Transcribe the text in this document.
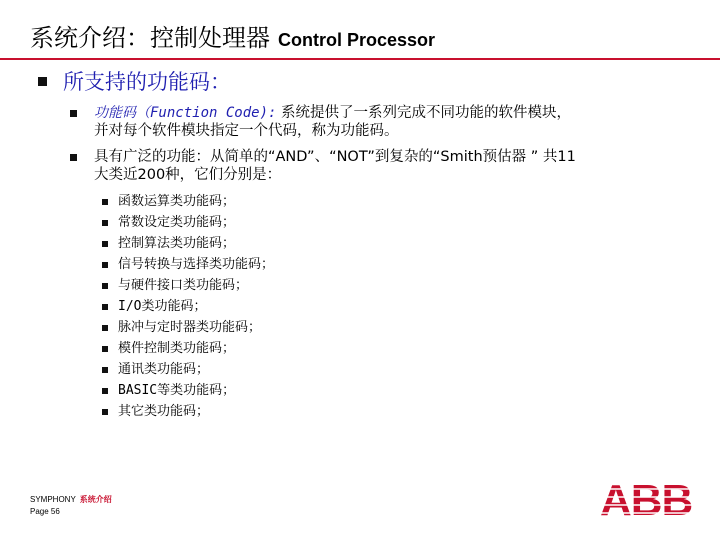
系统介绍：控制处理器 Control Processor
所支持的功能码：
功能码（Function Code): 系统提供了一系列完成不同功能的软件模块，
并对每个软件模块指定一个代码，称为功能码。
具有广泛的功能：从简单的“AND”、“NOT”到复杂的“Smith预估器 ” 共11
大类近200种，它们分别是：
函数运算类功能码；
常数设定类功能码；
控制算法类功能码；
信号转换与选择类功能码；
与硬件接口类功能码；
I/O类功能码；
脉冲与定时器类功能码；
模件控制类功能码；
通讯类功能码；
BASIC等类功能码；
其它类功能码；
SYMPHONY 系统介绍
Page 56	ABB
